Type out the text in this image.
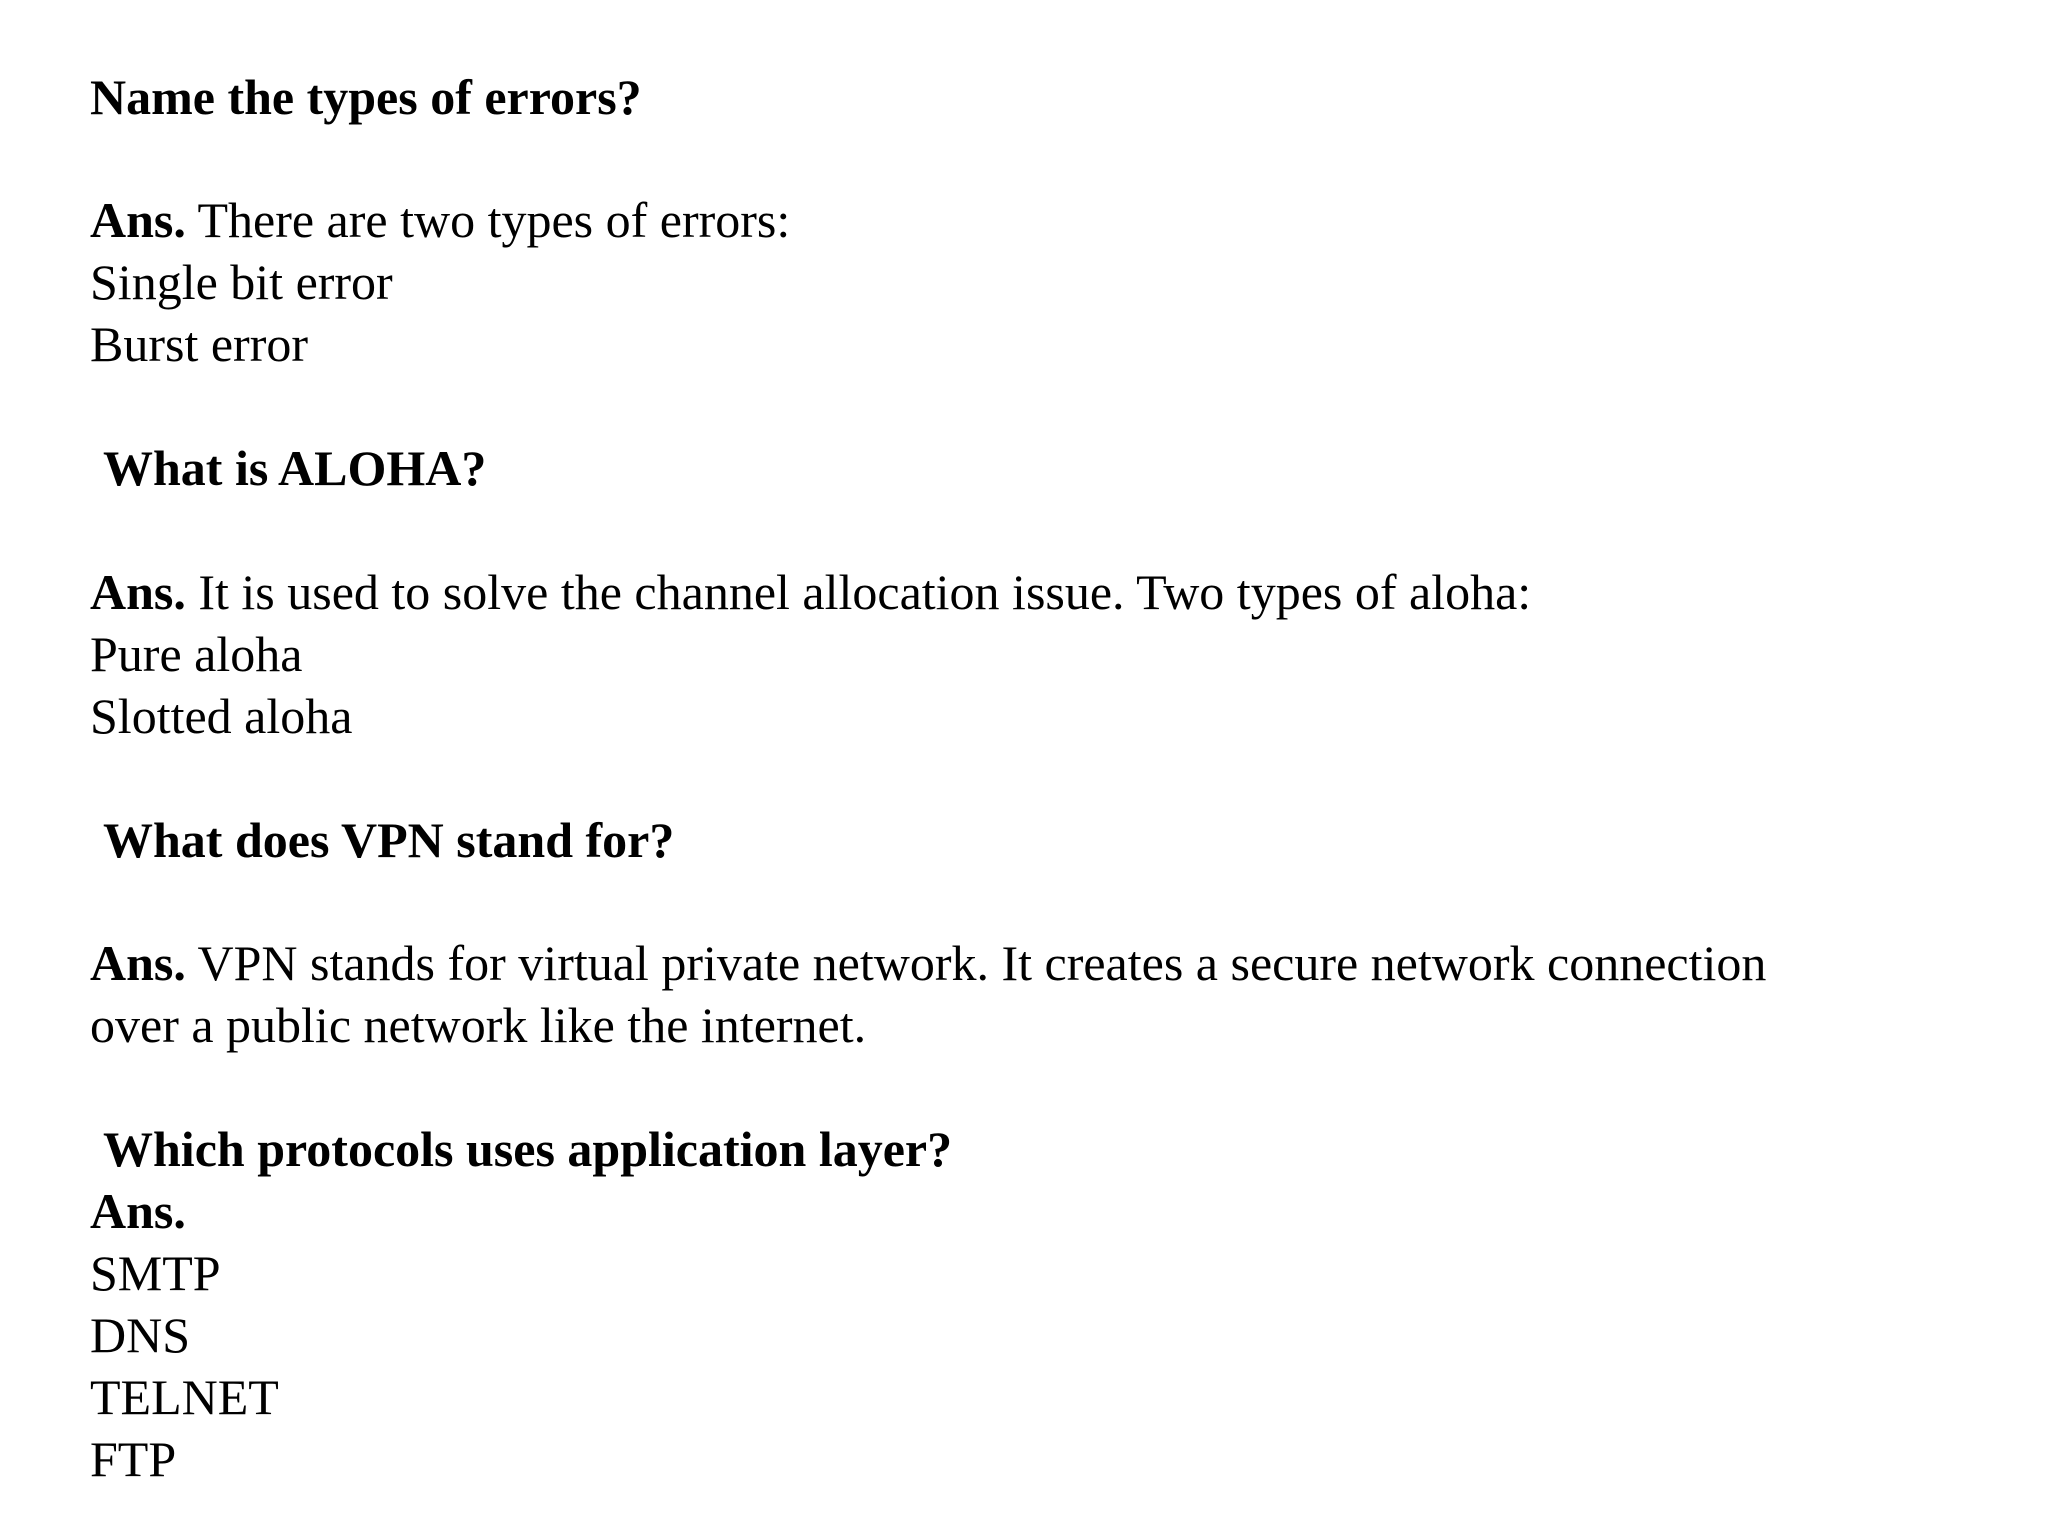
Name the types of errors?
Ans. There are two types of errors:
Single bit error
Burst error
What is ALOHA?
Ans. It is used to solve the channel allocation issue. Two types of aloha:
Pure aloha
Slotted aloha
What does VPN stand for?
Ans. VPN stands for virtual private network. It creates a secure network connection
over a public network like the internet.
Which protocols uses application layer?
Ans.
SMTP
DNS
TELNET
FTP
